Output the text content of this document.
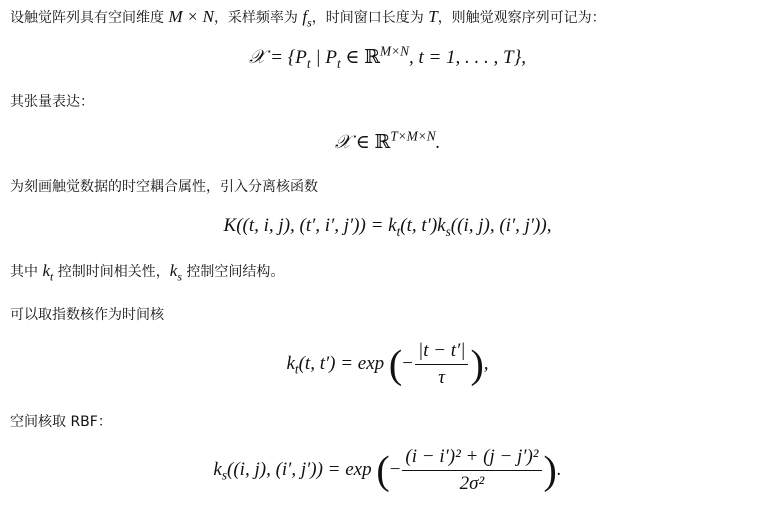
设触觉阵列具有空间维度 M × N，采样频率为 $f_s$，时间窗口长度为 T，则触觉观察序列可记为：
𝒳 = {$P_t$ | $P_t$ ∈ ℝ$^{M\times N}$, t = 1, . . . , T},
其张量表达：
𝒳 ∈ ℝ$^{T\times M\times N}$.
为刻画触觉数据的时空耦合属性，引入分离核函数
K((t, i, j), (t′, i′, $j')) = k_t(t$, $t')k_s((i$, j), (i′, j′)),
其中 $k_t$ 控制时间相关性，$k_s$ 控制空间结构。
可以取指数核作为时间核
$k_t(t$, t′) = exp (− $\frac{|t - t'|}{\tau}$ ),
空间核取 RBF：
$k_s((i$, j), (i′, j′)) = exp (− $\frac{\text{(i − i′)² + (j − j′)²}}{\text{2σ²}}$ ).
